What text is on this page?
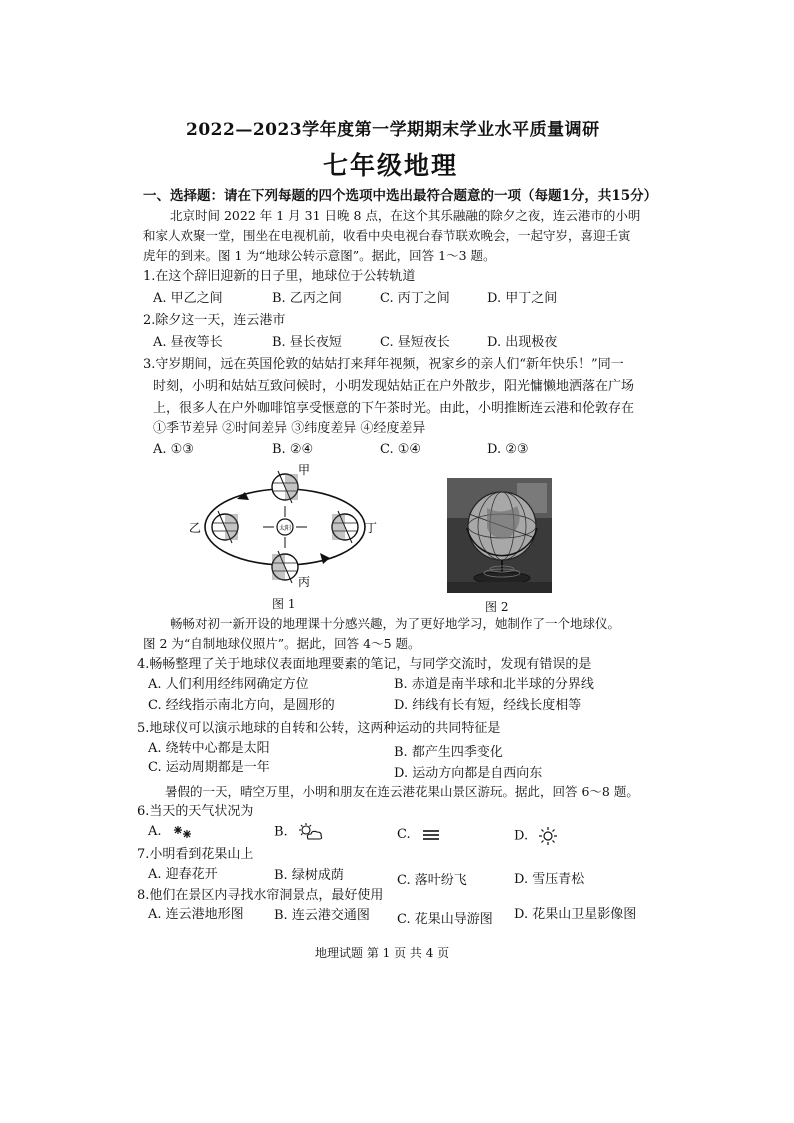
2022—2023学年度第一学期期末学业水平质量调研
七年级地理
一、选择题：请在下列每题的四个选项中选出最符合题意的一项（每题1分，共15分）
北京时间 2022 年 1 月 31 日晚 8 点，在这个其乐融融的除夕之夜，连云港市的小明
和家人欢聚一堂，围坐在电视机前，收看中央电视台春节联欢晚会，一起守岁，喜迎壬寅
虎年的到来。图 1 为“地球公转示意图”。据此，回答 1～3 题。
1.在这个辞旧迎新的日子里，地球位于公转轨道
A. 甲乙之间	B. 乙丙之间	C. 丙丁之间	D. 甲丁之间
2.除夕这一天，连云港市
A. 昼夜等长	B. 昼长夜短	C. 昼短夜长	D. 出现极夜
3.守岁期间，远在英国伦敦的姑姑打来拜年视频，祝家乡的亲人们“新年快乐！”同一
时刻，小明和姑姑互致问候时，小明发现姑姑正在户外散步，阳光慵懒地洒落在广场
上，很多人在户外咖啡馆享受惬意的下午茶时光。由此，小明推断连云港和伦敦存在
①季节差异 ②时间差异 ③纬度差异 ④经度差异
A. ①③	B. ②④	C. ①④	D. ②③
太阳
甲
乙
丙
丁
图 1	图 2
畅畅对初一新开设的地理课十分感兴趣，为了更好地学习，她制作了一个地球仪。
图 2 为“自制地球仪照片”。据此，回答 4～5 题。
4.畅畅整理了关于地球仪表面地理要素的笔记，与同学交流时，发现有错误的是
A. 人们利用经纬网确定方位	B. 赤道是南半球和北半球的分界线
C. 经线指示南北方向，是圆形的	D. 纬线有长有短，经线长度相等
5.地球仪可以演示地球的自转和公转，这两种运动的共同特征是
A. 绕转中心都是太阳	B. 都产生四季变化
C. 运动周期都是一年	D. 运动方向都是自西向东
暑假的一天，晴空万里，小明和朋友在连云港花果山景区游玩。据此，回答 6～8 题。
6.当天的天气状况为
A.	B.	C.	D.
7.小明看到花果山上
A. 迎春花开	B. 绿树成荫	C. 落叶纷飞	D. 雪压青松
8.他们在景区内寻找水帘洞景点，最好使用
A. 连云港地形图 B. 连云港交通图 C. 花果山导游图 D. 花果山卫星影像图
地理试题 第 1 页 共 4 页
